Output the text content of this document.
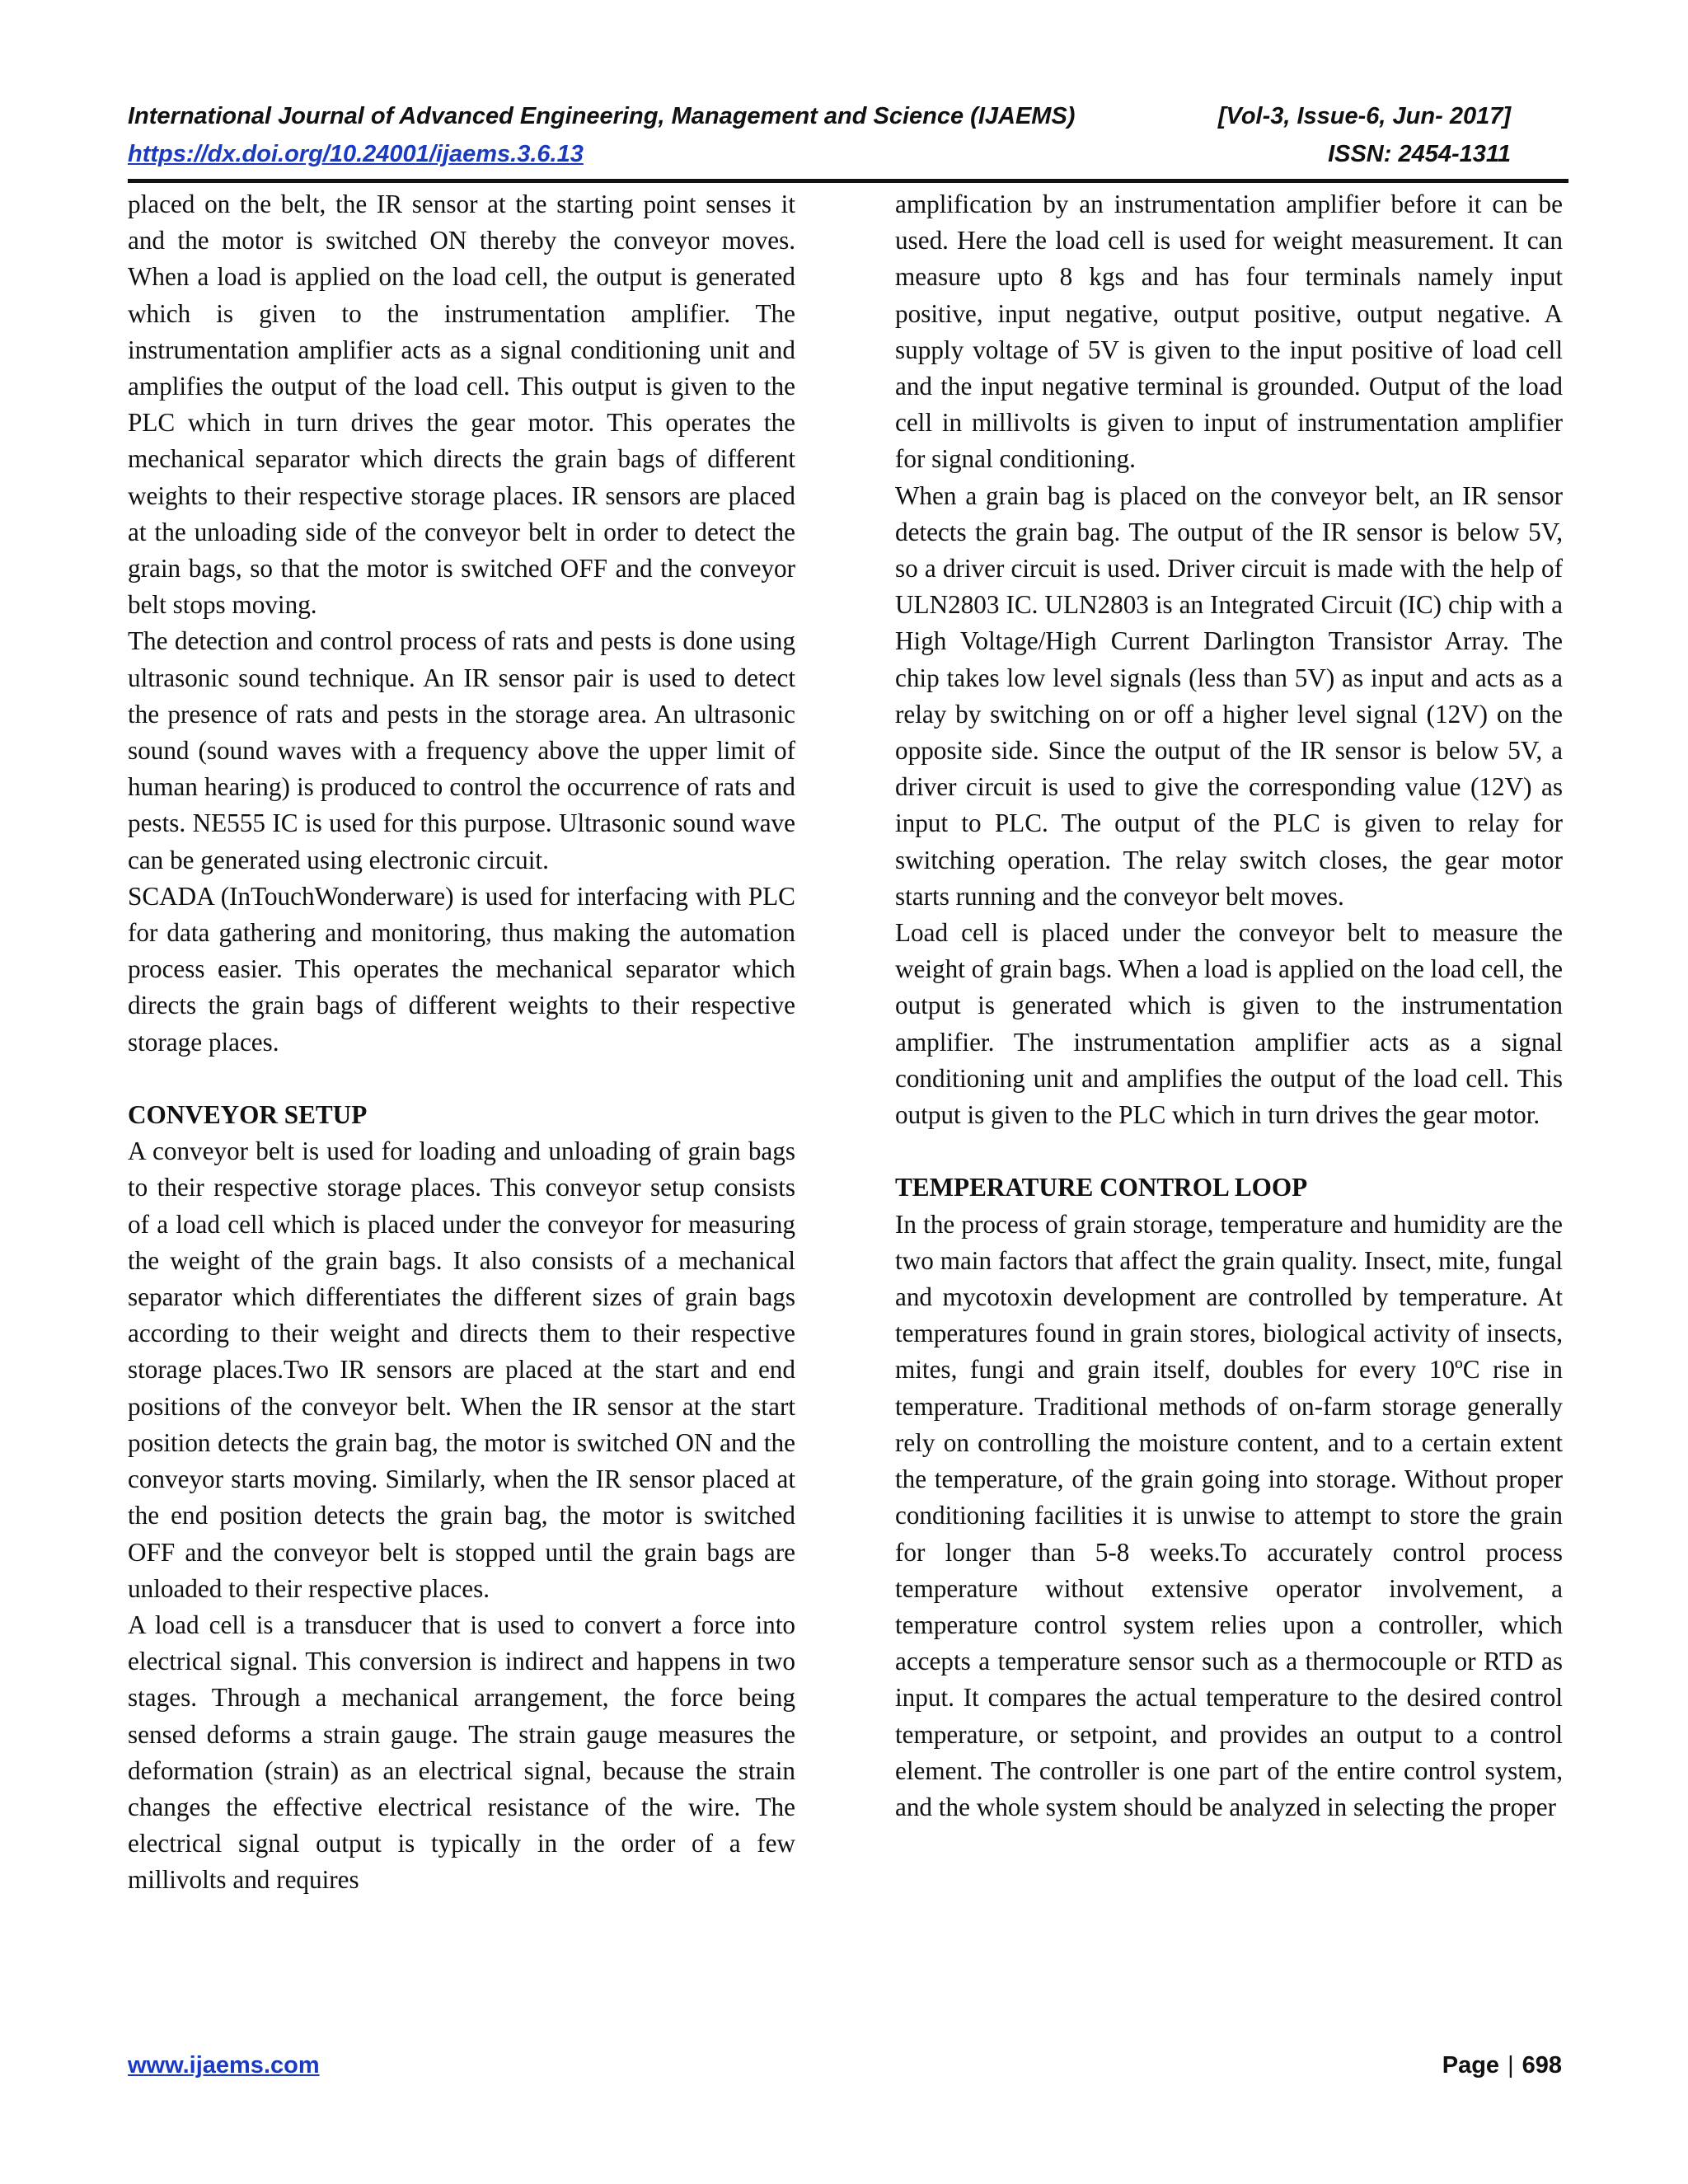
International Journal of Advanced Engineering, Management and Science (IJAEMS)	[Vol-3, Issue-6, Jun- 2017]
https://dx.doi.org/10.24001/ijaems.3.6.13	ISSN: 2454-1311

placed on the belt, the IR sensor at the starting point senses it and the motor is switched ON thereby the conveyor moves. When a load is applied on the load cell, the output is generated which is given to the instrumentation amplifier. The instrumentation amplifier acts as a signal conditioning unit and amplifies the output of the load cell. This output is given to the PLC which in turn drives the gear motor. This operates the mechanical separator which directs the grain bags of different weights to their respective storage places. IR sensors are placed at the unloading side of the conveyor belt in order to detect the grain bags, so that the motor is switched OFF and the conveyor belt stops moving.

The detection and control process of rats and pests is done using ultrasonic sound technique. An IR sensor pair is used to detect the presence of rats and pests in the storage area. An ultrasonic sound (sound waves with a frequency above the upper limit of human hearing) is produced to control the occurrence of rats and pests. NE555 IC is used for this purpose. Ultrasonic sound wave can be generated using electronic circuit.

SCADA (InTouchWonderware) is used for interfacing with PLC for data gathering and monitoring, thus making the automation process easier. This operates the mechanical separator which directs the grain bags of different weights to their respective storage places.

CONVEYOR SETUP

A conveyor belt is used for loading and unloading of grain bags to their respective storage places. This conveyor setup consists of a load cell which is placed under the conveyor for measuring the weight of the grain bags. It also consists of a mechanical separator which differentiates the different sizes of grain bags according to their weight and directs them to their respective storage places.Two IR sensors are placed at the start and end positions of the conveyor belt. When the IR sensor at the start position detects the grain bag, the motor is switched ON and the conveyor starts moving. Similarly, when the IR sensor placed at the end position detects the grain bag, the motor is switched OFF and the conveyor belt is stopped until the grain bags are unloaded to their respective places.

A load cell is a transducer that is used to convert a force into electrical signal. This conversion is indirect and happens in two stages. Through a mechanical arrangement, the force being sensed deforms a strain gauge. The strain gauge measures the deformation (strain) as an electrical signal, because the strain changes the effective electrical resistance of the wire. The electrical signal output is typically in the order of a few millivolts and requires

amplification by an instrumentation amplifier before it can be used. Here the load cell is used for weight measurement. It can measure upto 8 kgs and has four terminals namely input positive, input negative, output positive, output negative. A supply voltage of 5V is given to the input positive of load cell and the input negative terminal is grounded. Output of the load cell in millivolts is given to input of instrumentation amplifier for signal conditioning.

When a grain bag is placed on the conveyor belt, an IR sensor detects the grain bag. The output of the IR sensor is below 5V, so a driver circuit is used. Driver circuit is made with the help of ULN2803 IC. ULN2803 is an Integrated Circuit (IC) chip with a High Voltage/High Current Darlington Transistor Array. The chip takes low level signals (less than 5V) as input and acts as a relay by switching on or off a higher level signal (12V) on the opposite side. Since the output of the IR sensor is below 5V, a driver circuit is used to give the corresponding value (12V) as input to PLC. The output of the PLC is given to relay for switching operation. The relay switch closes, the gear motor starts running and the conveyor belt moves.

Load cell is placed under the conveyor belt to measure the weight of grain bags. When a load is applied on the load cell, the output is generated which is given to the instrumentation amplifier. The instrumentation amplifier acts as a signal conditioning unit and amplifies the output of the load cell. This output is given to the PLC which in turn drives the gear motor.

TEMPERATURE CONTROL LOOP

In the process of grain storage, temperature and humidity are the two main factors that affect the grain quality. Insect, mite, fungal and mycotoxin development are controlled by temperature. At temperatures found in grain stores, biological activity of insects, mites, fungi and grain itself, doubles for every 10ºC rise in temperature. Traditional methods of on-farm storage generally rely on controlling the moisture content, and to a certain extent the temperature, of the grain going into storage. Without proper conditioning facilities it is unwise to attempt to store the grain for longer than 5-8 weeks.To accurately control process temperature without extensive operator involvement, a temperature control system relies upon a controller, which accepts a temperature sensor such as a thermocouple or RTD as input. It compares the actual temperature to the desired control temperature, or setpoint, and provides an output to a control element. The controller is one part of the entire control system, and the whole system should be analyzed in selecting the proper

www.ijaems.com	Page | 698
